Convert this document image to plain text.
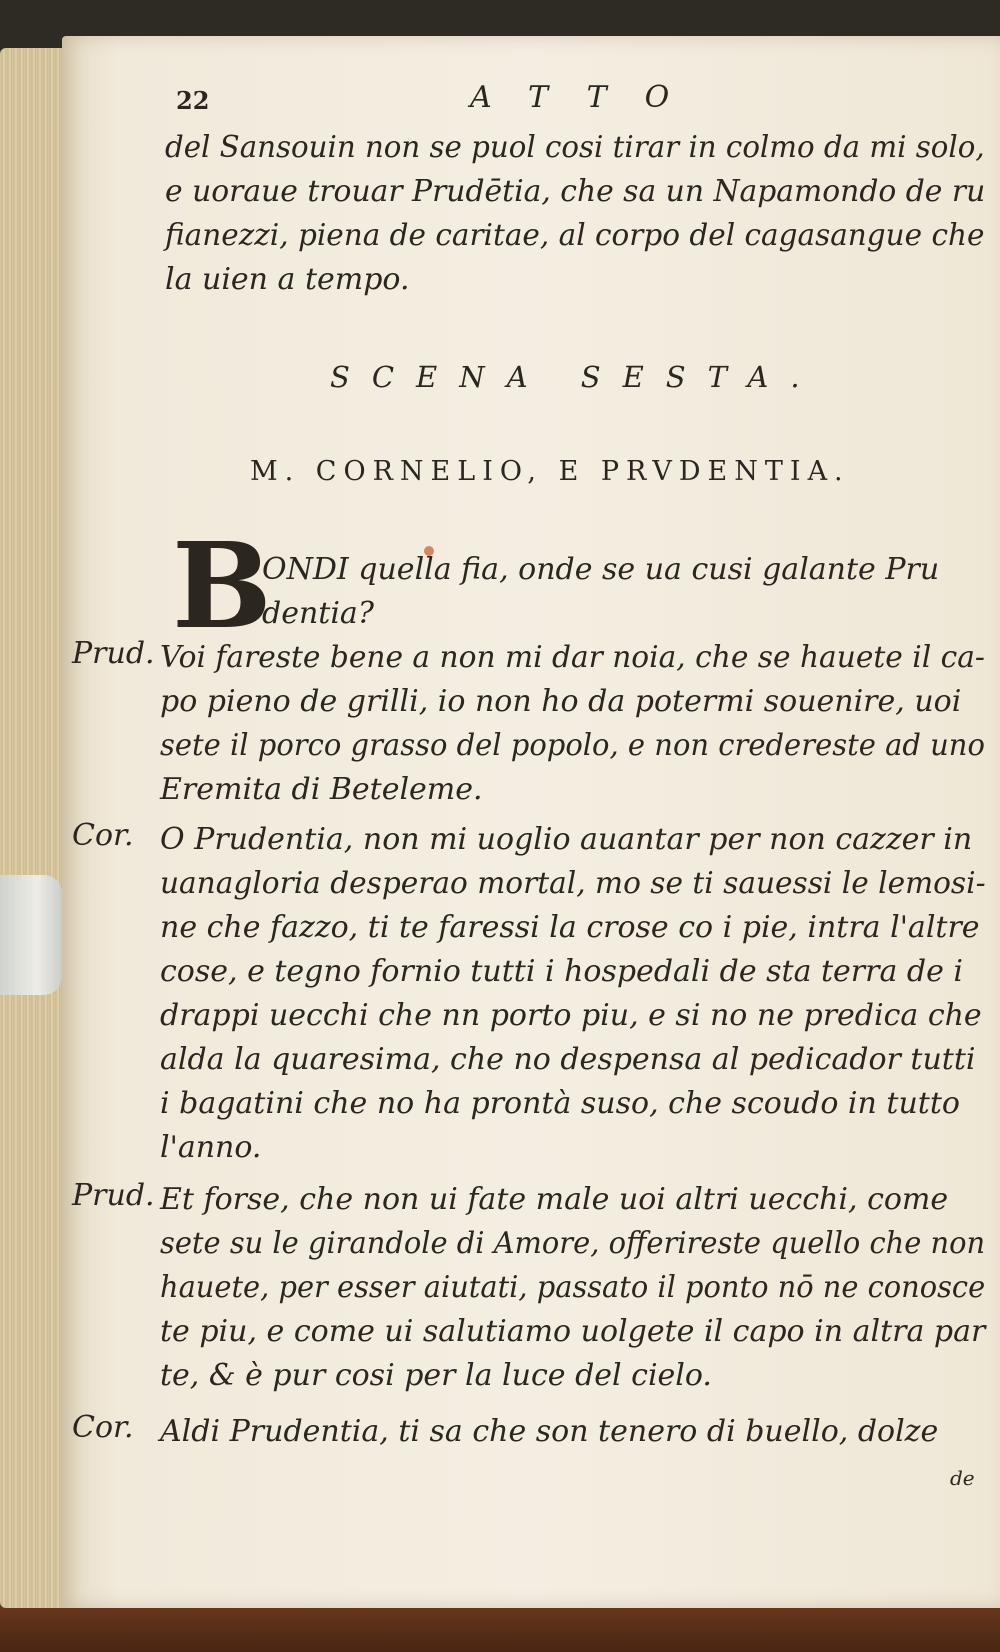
22	ATTO
del Sansouin non se puol cosi tirar in colmo da mi solo,
e uoraue trouar Prudētia, che sa un Napamondo de ru
fianezzi, piena de caritae, al corpo del cagasangue che
la uien a tempo.
SCENA SESTA.
M. CORNELIO, E PRVDENTIA.
B
ONDI quella fia, onde se ua cusi galante Pru
dentia?
Prud. Voi fareste bene a non mi dar noia, che se hauete il ca-
po pieno de grilli, io non ho da potermi souenire, uoi
sete il porco grasso del popolo, e non credereste ad uno
Eremita di Beteleme.
Cor. O Prudentia, non mi uoglio auantar per non cazzer in
uanagloria desperao mortal, mo se ti sauessi le lemosi-
ne che fazzo, ti te faressi la crose co i pie, intra l'altre
cose, e tegno fornio tutti i hospedali de sta terra de i
drappi uecchi che nn porto piu, e si no ne predica che
alda la quaresima, che no despensa al pedicador tutti
i bagatini che no ha prontà suso, che scoudo in tutto
l'anno.
Prud. Et forse, che non ui fate male uoi altri uecchi, come
sete su le girandole di Amore, offerireste quello che non
hauete, per esser aiutati, passato il ponto nō ne conosce
te piu, e come ui salutiamo uolgete il capo in altra par
te, & è pur cosi per la luce del cielo.
Cor. Aldi Prudentia, ti sa che son tenero di buello, dolze
de
